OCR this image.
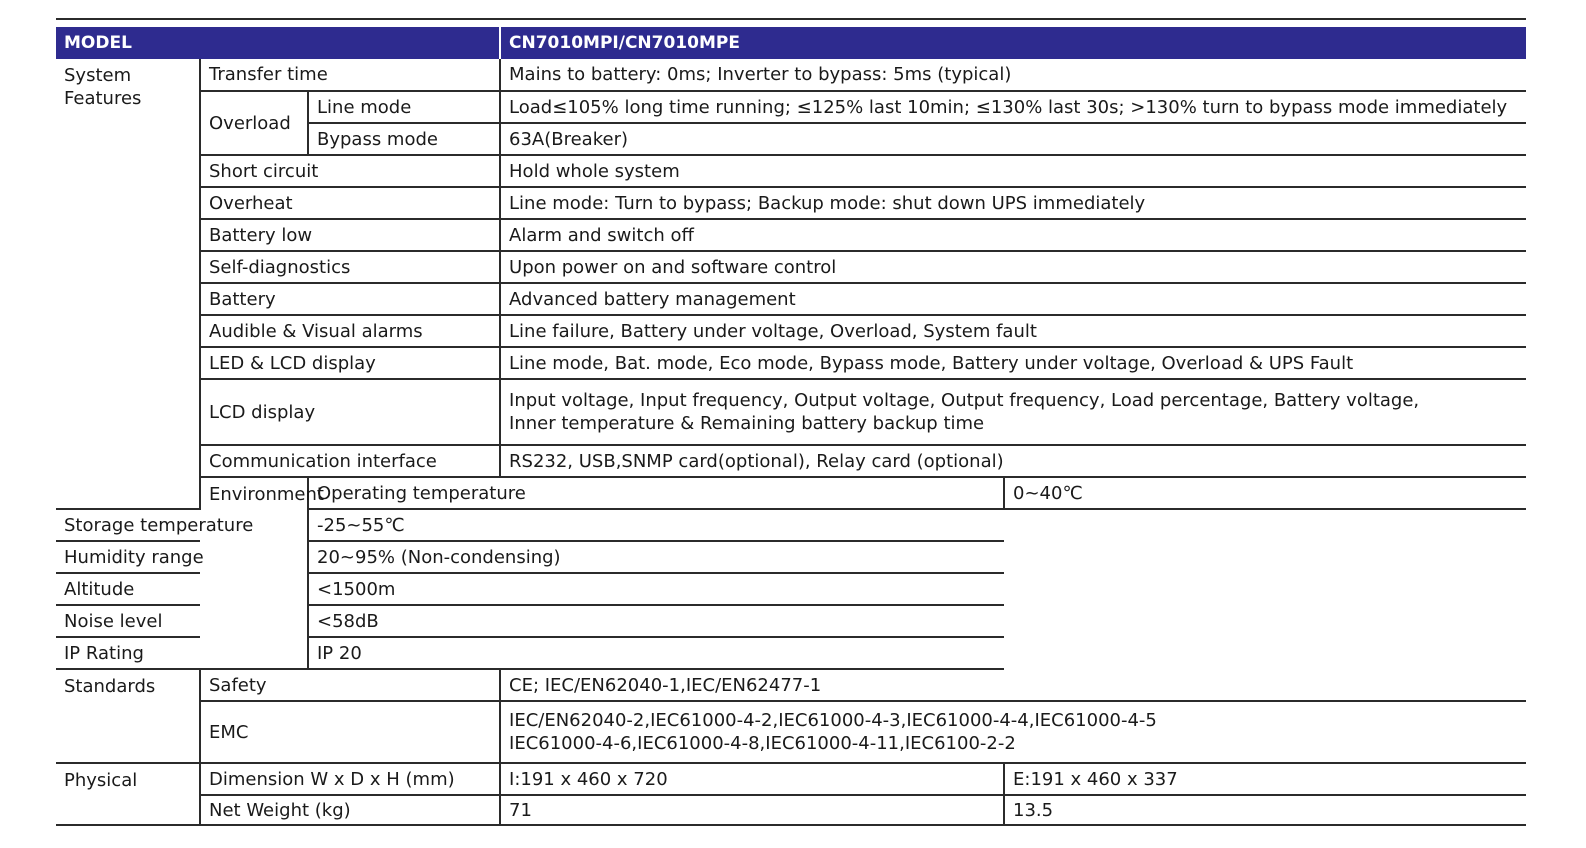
MODEL			CN7010MPI/CN7010MPE	
System Features	Transfer time		Mains to battery: 0ms; Inverter to bypass: 5ms (typical)	
	Overload	Line mode	Load≤105% long time running; ≤125% last 10min; ≤130% last 30s; >130% turn to bypass mode immediately	
		Bypass mode	63A(Breaker)	
	Short circuit		Hold whole system	
	Overheat		Line mode: Turn to bypass; Backup mode: shut down UPS immediately	
	Battery low		Alarm and switch off	
	Self-diagnostics		Upon power on and software control	
	Battery		Advanced battery management	
	Audible & Visual alarms		Line failure, Battery under voltage, Overload, System fault	
	LED & LCD display		Line mode, Bat. mode, Eco mode, Bypass mode, Battery under voltage, Overload & UPS Fault	
	LCD display		Input voltage, Input frequency, Output voltage, Output frequency, Load percentage, Battery voltage,
Inner temperature & Remaining battery backup time	

	Communication interface		RS232, USB,SNMP card(optional), Relay card (optional)	
	Environment	Operating temperature		0~40℃
Storage temperature		-25~55℃		
Humidity range		20~95% (Non-condensing)		
Altitude		<1500m		
Noise level		<58dB		
IP Rating		IP 20		
Standards	Safety		CE; IEC/EN62040-1,IEC/EN62477-1	
	EMC		IEC/EN62040-2,IEC61000-4-2,IEC61000-4-3,IEC61000-4-4,IEC61000-4-5
IEC61000-4-6,IEC61000-4-8,IEC61000-4-11,IEC6100-2-2	

Physical	Dimension W x D x H (mm)		I:191 x 460 x 720	E:191 x 460 x 337
	Net Weight (kg)		71	13.5
